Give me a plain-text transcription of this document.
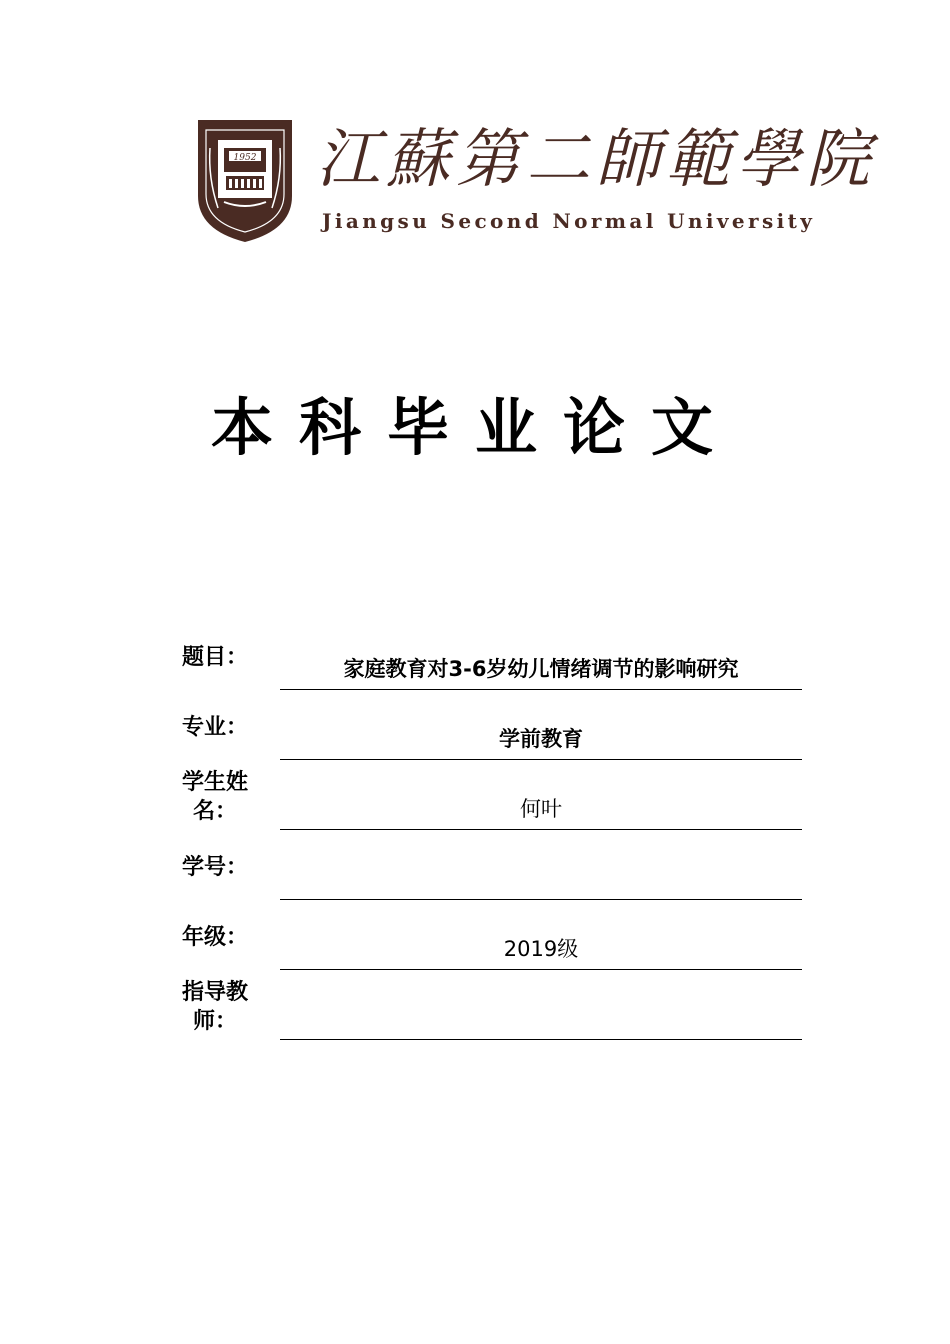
1952 江蘇第二師範學院
Jiangsu Second Normal University
本科毕业论文
题目：	家庭教育对3-6岁幼儿情绪调节的影响研究
专业：	学前教育
学生姓名：	何叶
学号：
年级：	2019级
指导教师：
